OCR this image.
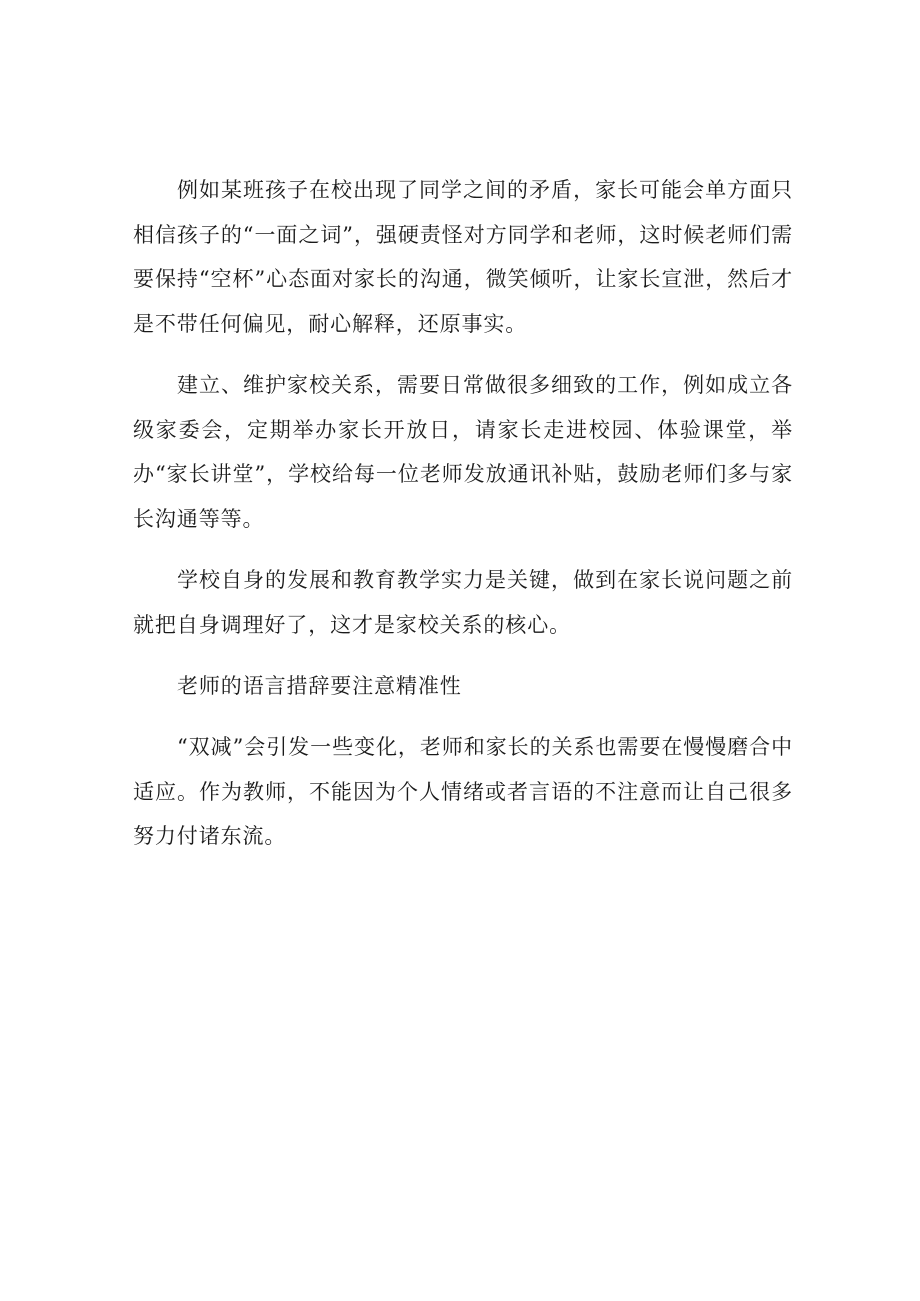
例如某班孩子在校出现了同学之间的矛盾，家长可能会单方面只相信孩子的“一面之词”，强硬责怪对方同学和老师，这时候老师们需要保持“空杯”心态面对家长的沟通，微笑倾听，让家长宣泄，然后才是不带任何偏见，耐心解释，还原事实。

建立、维护家校关系，需要日常做很多细致的工作，例如成立各级家委会，定期举办家长开放日，请家长走进校园、体验课堂，举办“家长讲堂”，学校给每一位老师发放通讯补贴，鼓励老师们多与家长沟通等等。

学校自身的发展和教育教学实力是关键，做到在家长说问题之前就把自身调理好了，这才是家校关系的核心。

老师的语言措辞要注意精准性

“双减”会引发一些变化，老师和家长的关系也需要在慢慢磨合中适应。作为教师，不能因为个人情绪或者言语的不注意而让自己很多努力付诸东流。
